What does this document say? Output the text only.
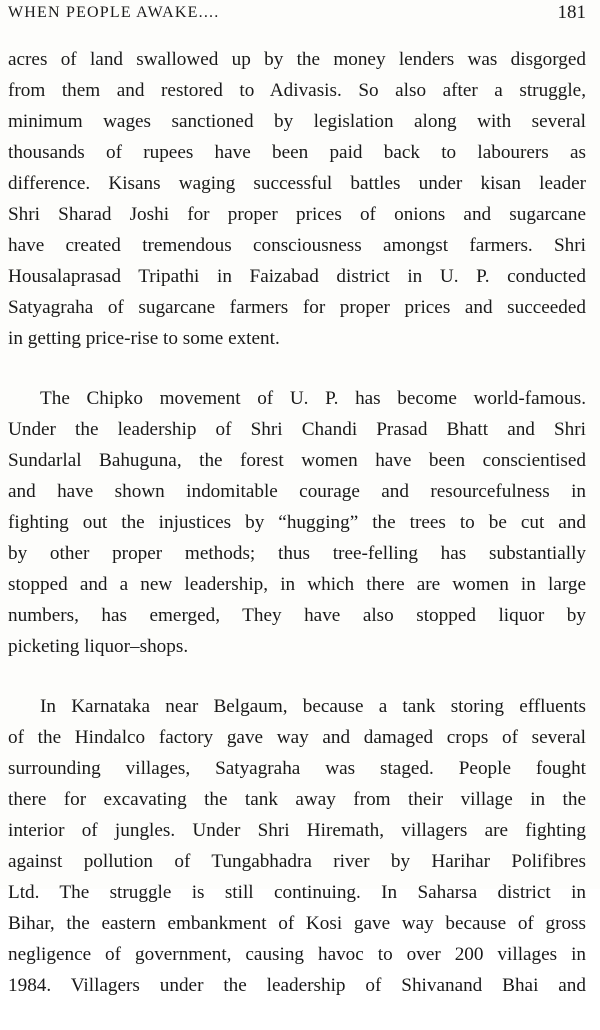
WHEN PEOPLE AWAKE....	181
acres of land swallowed up by the money lenders was disgorged
from them and restored to Adivasis. So also after a struggle,
minimum wages sanctioned by legislation along with several
thousands of rupees have been paid back to labourers as
difference. Kisans waging successful battles under kisan leader
Shri Sharad Joshi for proper prices of onions and sugarcane
have created tremendous consciousness amongst farmers. Shri
Housalaprasad Tripathi in Faizabad district in U. P. conducted
Satyagraha of sugarcane farmers for proper prices and succeeded
in getting price-rise to some extent.
The Chipko movement of U. P. has become world-famous.
Under the leadership of Shri Chandi Prasad Bhatt and Shri
Sundarlal Bahuguna, the forest women have been conscientised
and have shown indomitable courage and resourcefulness in
fighting out the injustices by “hugging” the trees to be cut and
by other proper methods; thus tree-felling has substantially
stopped and a new leadership, in which there are women in large
numbers, has emerged, They have also stopped liquor by
picketing liquor–shops.
In Karnataka near Belgaum, because a tank storing effluents
of the Hindalco factory gave way and damaged crops of several
surrounding villages, Satyagraha was staged. People fought
there for excavating the tank away from their village in the
interior of jungles. Under Shri Hiremath, villagers are fighting
against pollution of Tungabhadra river by Harihar Polifibres
Ltd. The struggle is still continuing. In Saharsa district in
Bihar, the eastern embankment of Kosi gave way because of gross
negligence of government, causing havoc to over 200 villages in
1984. Villagers under the leadership of Shivanand Bhai and
